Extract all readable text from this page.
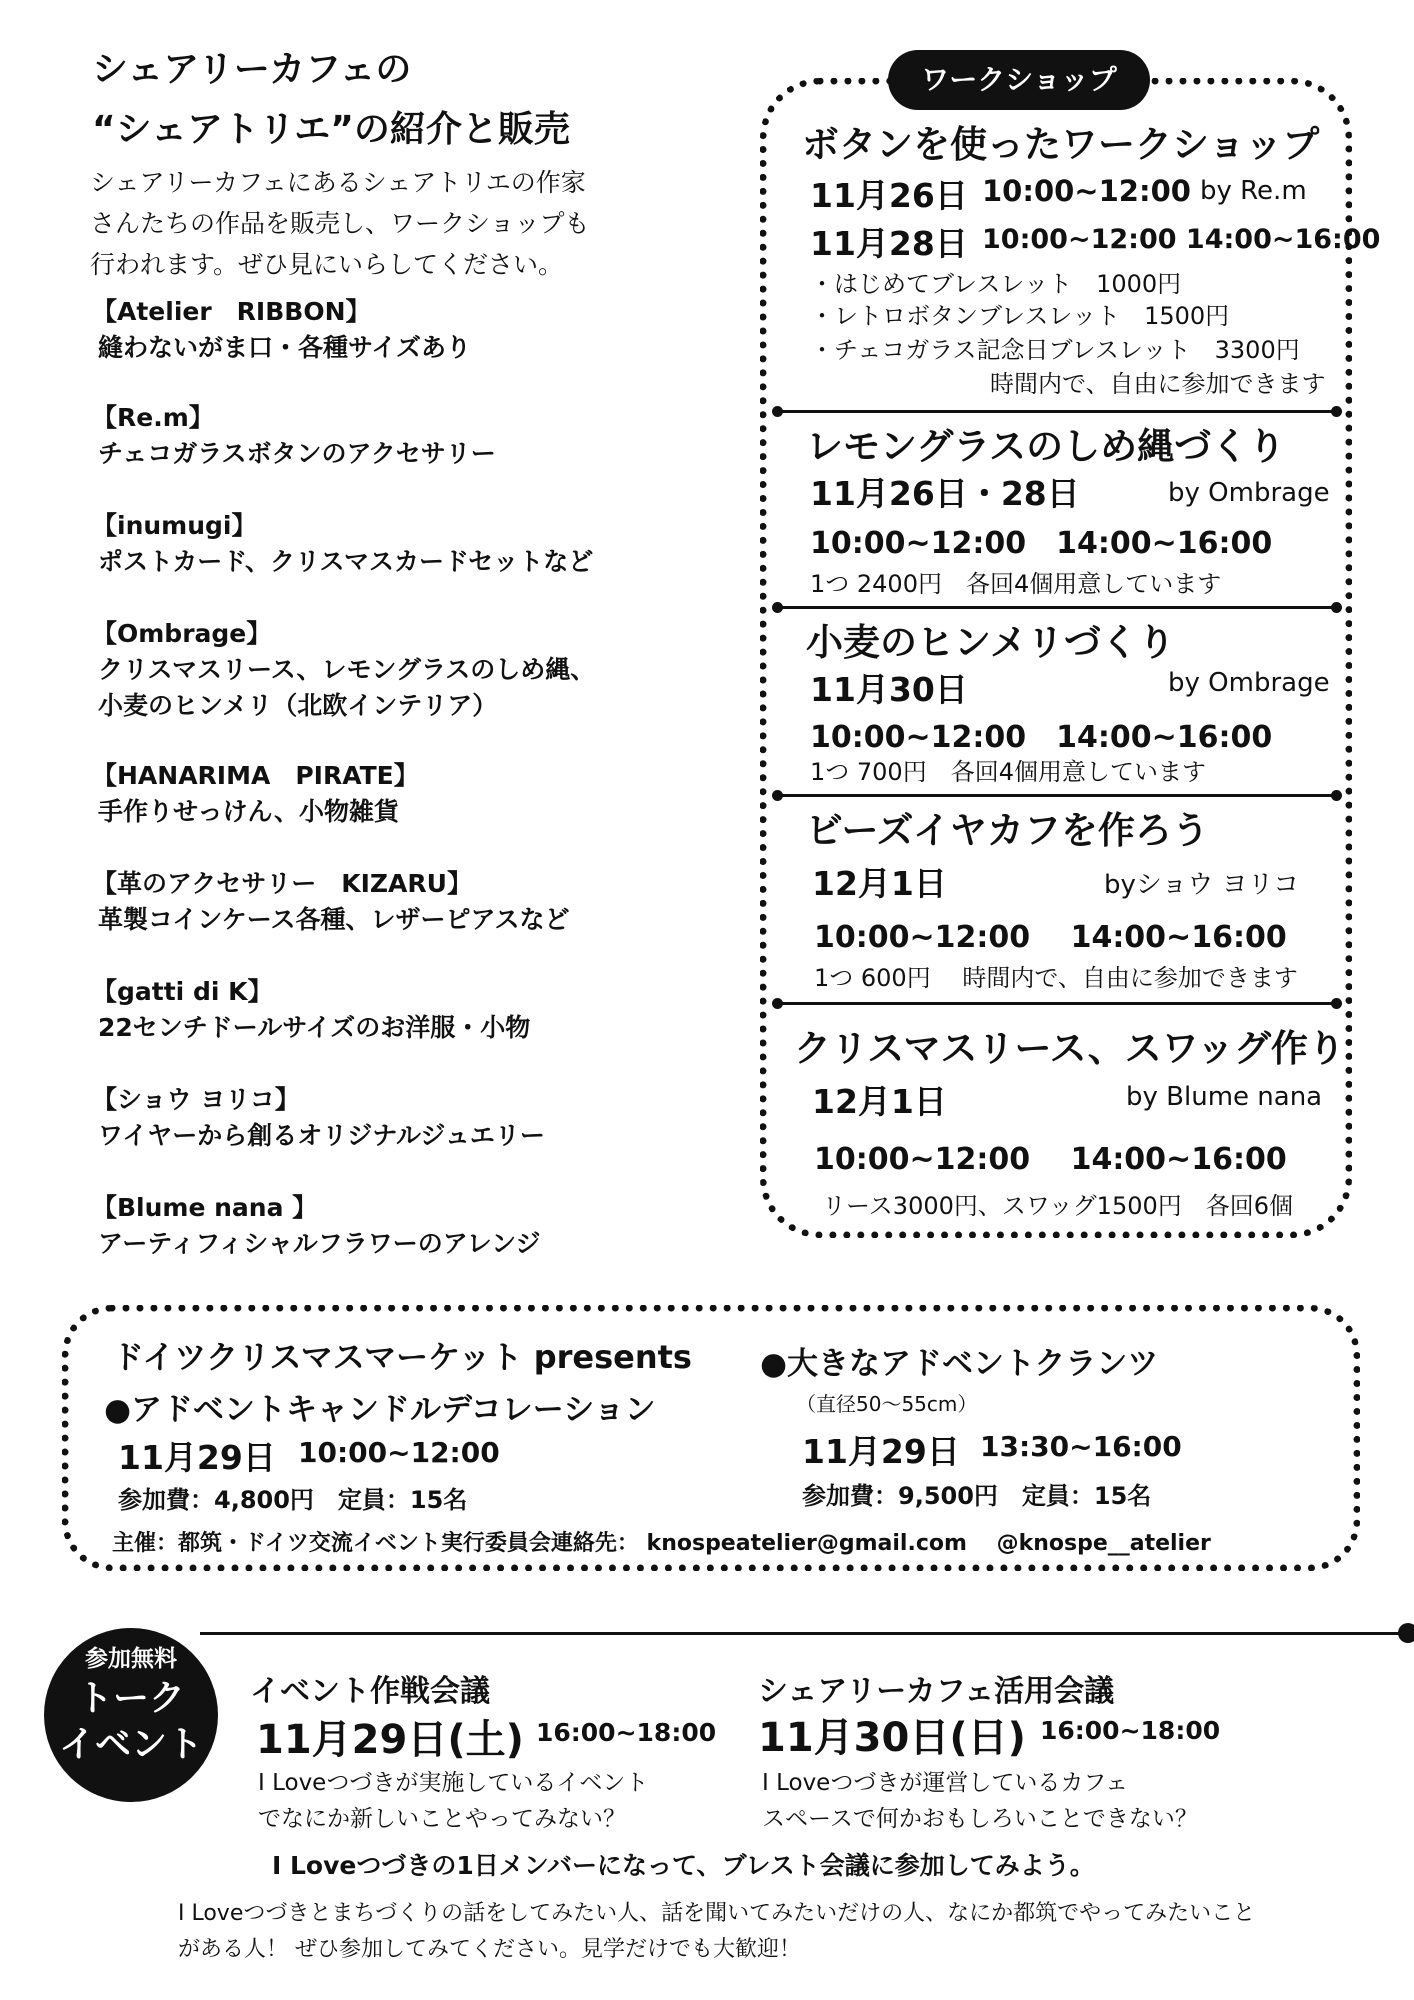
シェアリーカフェの
“シェアトリエ”の紹介と販売
シェアリーカフェにあるシェアトリエの作家
さんたちの作品を販売し、ワークショップも
行われます。ぜひ見にいらしてください。
【Atelier　RIBBON】
縫わないがま口・各種サイズあり
【Re.m】
チェコガラスボタンのアクセサリー
【inumugi】
ポストカード、クリスマスカードセットなど
【Ombrage】
クリスマスリース、レモングラスのしめ縄、
小麦のヒンメリ（北欧インテリア）
【HANARIMA　PIRATE】
手作りせっけん、小物雑貨
【革のアクセサリー　KIZARU】
革製コインケース各種、レザーピアスなど
【gatti di K】
22センチドールサイズのお洋服・小物
【ショウ ヨリコ】
ワイヤーから創るオリジナルジュエリー
【Blume nana 】
アーティフィシャルフラワーのアレンジ
ワークショップ
ボタンを使ったワークショップ
11月26日 10:00~12:00 by Re.m
11月28日 10:00~12:00 14:00~16:00
・はじめてブレスレット　1000円
・レトロボタンブレスレット　1500円
・チェコガラス記念日ブレスレット　3300円
時間内で、自由に参加できます
レモングラスのしめ縄づくり
11月26日・28日	by Ombrage
10:00~12:00　14:00~16:00
1つ 2400円　各回4個用意しています
小麦のヒンメリづくり
11月30日	by Ombrage
10:00~12:00　14:00~16:00
1つ 700円　各回4個用意しています
ビーズイヤカフを作ろう
12月1日	byショウ ヨリコ
10:00~12:00　 14:00~16:00
1つ 600円　 時間内で、自由に参加できます
クリスマスリース、スワッグ作り
12月1日	by Blume nana
10:00~12:00　 14:00~16:00
リース3000円、スワッグ1500円　各回6個
ドイツクリスマスマーケット presents
●アドベントキャンドルデコレーション
11月29日 10:00~12:00
参加費：4,800円　定員：15名
●大きなアドベントクランツ
（直径50～55cm）
11月29日 13:30~16:00
参加費：9,500円　定員：15名
主催：都筑・ドイツ交流イベント実行委員会連絡先： knospeatelier@gmail.com　 @knospe__atelier
参加無料
トーク
イベント
イベント作戦会議
11月29日(土) 16:00~18:00
I Loveつづきが実施しているイベント
でなにか新しいことやってみない？
シェアリーカフェ活用会議
11月30日(日) 16:00~18:00
I Loveつづきが運営しているカフェ
スペースで何かおもしろいことできない？
I Loveつづきの1日メンバーになって、ブレスト会議に参加してみよう。
I Loveつづきとまちづくりの話をしてみたい人、話を聞いてみたいだけの人、なにか都筑でやってみたいこと
がある人！ ぜひ参加してみてください。見学だけでも大歓迎！
